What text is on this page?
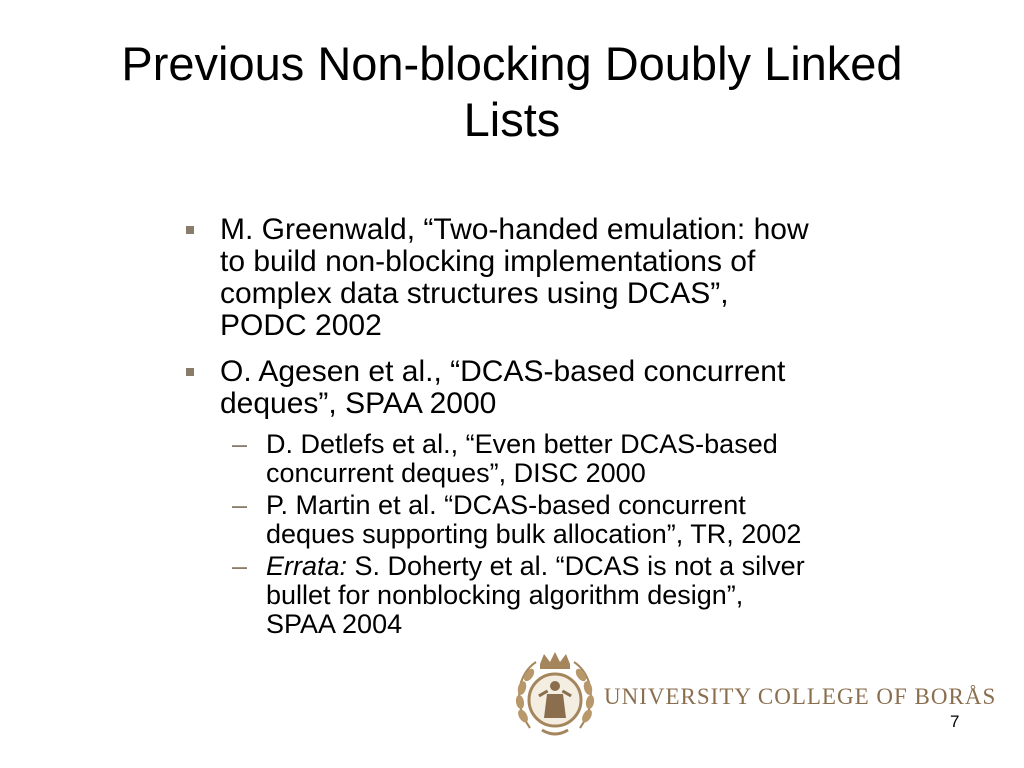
Previous Non-blocking Doubly Linked
Lists
M. Greenwald, “Two-handed emulation: how
to build non-blocking implementations of
complex data structures using DCAS”,
PODC 2002
O. Agesen et al., “DCAS-based concurrent
deques”, SPAA 2000
– D. Detlefs et al., “Even better DCAS-based
concurrent deques”, DISC 2000
– P. Martin et al. “DCAS-based concurrent
deques supporting bulk allocation”, TR, 2002
– Errata: S. Doherty et al. “DCAS is not a silver
bullet for nonblocking algorithm design”,
SPAA 2004
UNIVERSITY COLLEGE OF BORÅS
7
